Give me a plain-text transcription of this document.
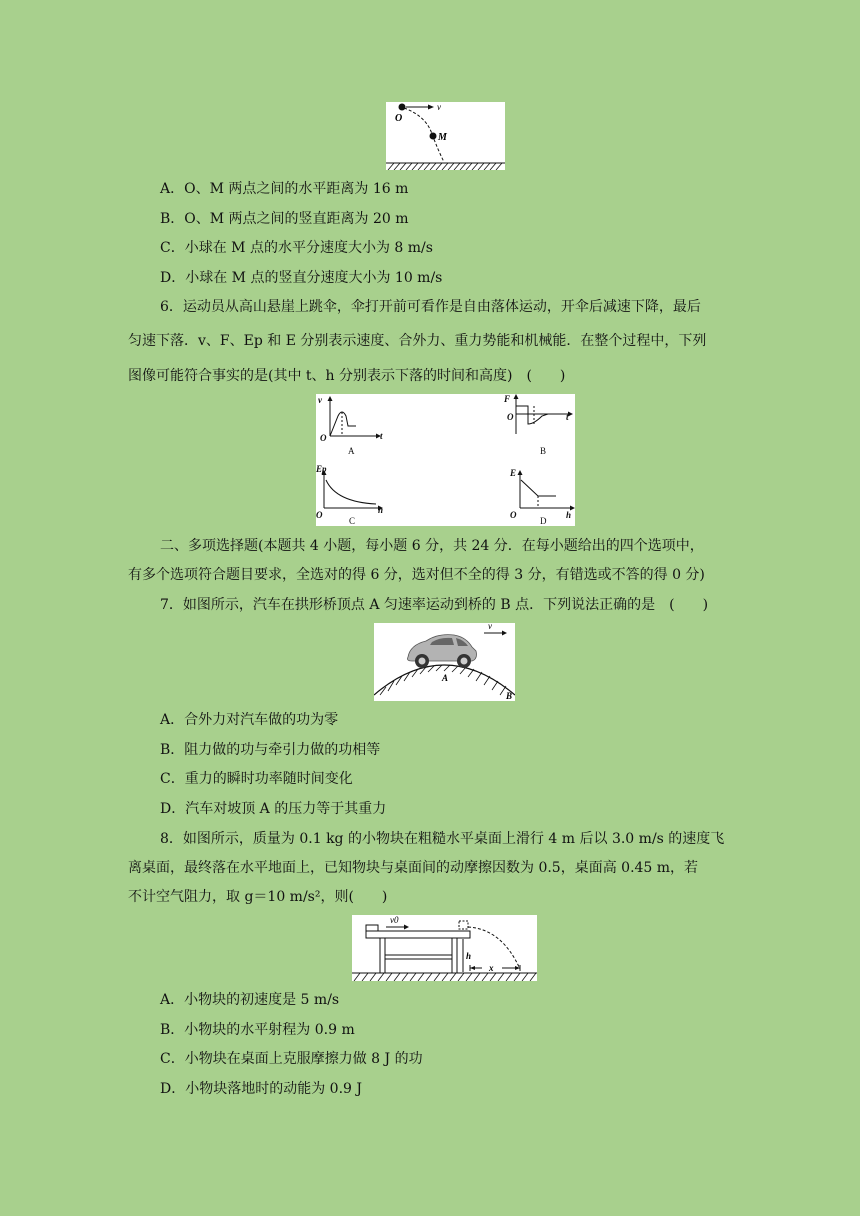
v
O
M
A．O、M 两点之间的水平距离为 16 m
B．O、M 两点之间的竖直距离为 20 m
C．小球在 M 点的水平分速度大小为 8 m/s
D．小球在 M 点的竖直分速度大小为 10 m/s
6．运动员从高山悬崖上跳伞，伞打开前可看作是自由落体运动，开伞后减速下降，最后
匀速下落．v、F、Ep 和 E 分别表示速度、合外力、重力势能和机械能．在整个过程中，下列
图像可能符合事实的是(其中 t、h 分别表示下落的时间和高度)　(　　)
v
t
O
F
t
O
Ep
h
O
E
h
O
A	B
C	D
二、多项选择题(本题共 4 小题，每小题 6 分，共 24 分．在每小题给出的四个选项中，
有多个选项符合题目要求，全选对的得 6 分，选对但不全的得 3 分，有错选或不答的得 0 分)
7．如图所示，汽车在拱形桥顶点 A 匀速率运动到桥的 B 点．下列说法正确的是　(　　)
v
A
B
A．合外力对汽车做的功为零
B．阻力做的功与牵引力做的功相等
C．重力的瞬时功率随时间变化
D．汽车对坡顶 A 的压力等于其重力
8．如图所示，质量为 0.1 kg 的小物块在粗糙水平桌面上滑行 4 m 后以 3.0 m/s 的速度飞
离桌面，最终落在水平地面上，已知物块与桌面间的动摩擦因数为 0.5，桌面高 0.45 m，若
不计空气阻力，取 g＝10 m/s²，则(　　)
v0
h
x
A．小物块的初速度是 5 m/s
B．小物块的水平射程为 0.9 m
C．小物块在桌面上克服摩擦力做 8 J 的功
D．小物块落地时的动能为 0.9 J
